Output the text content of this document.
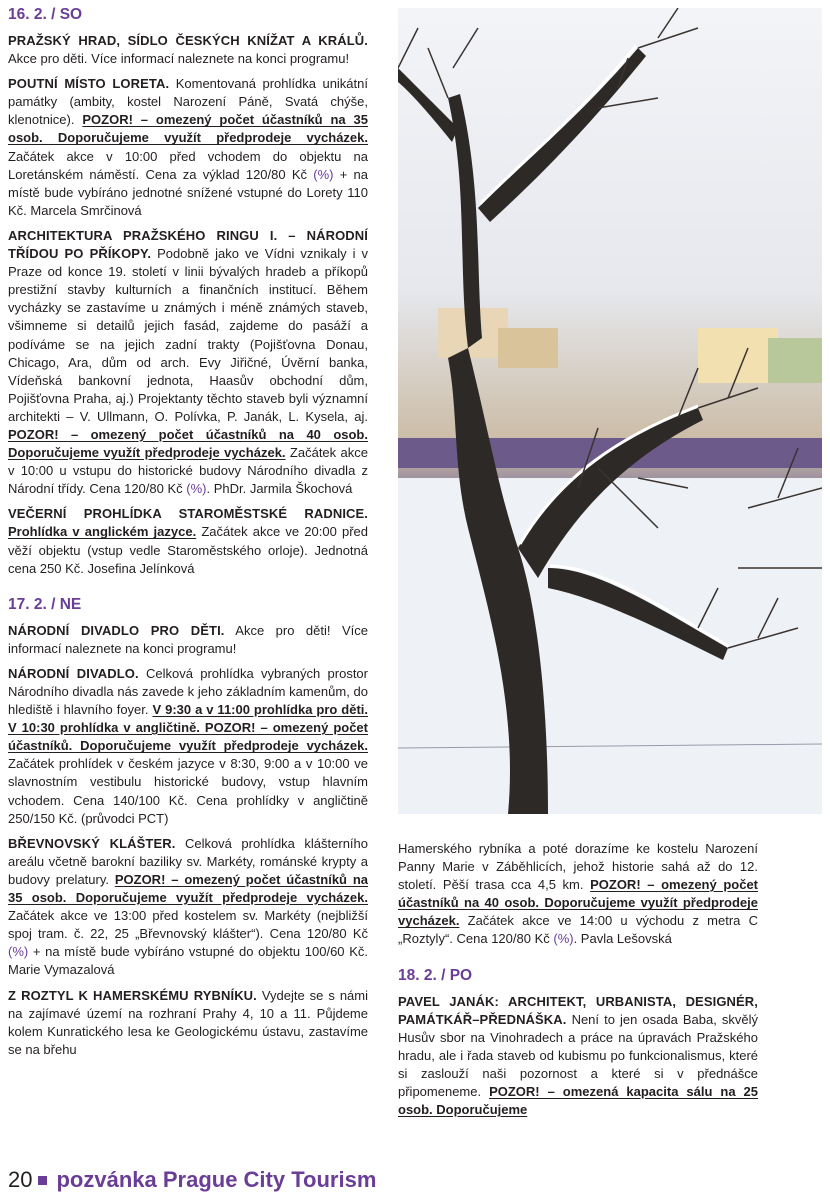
16. 2. / SO

PRAŽSKÝ HRAD, SÍDLO ČESKÝCH KNÍŽAT A KRÁLŮ. Akce pro děti. Více informací naleznete na konci programu!

POUTNÍ MÍSTO LORETA. Komentovaná prohlídka unikátní památky (ambity, kostel Narození Páně, Svatá chýše, klenotnice). POZOR! – omezený počet účastníků na 35 osob. Doporučujeme využít předprodeje vycházek. Začátek akce v 10:00 před vchodem do objektu na Loretánském náměstí. Cena za výklad 120/80 Kč (%) + na místě bude vybíráno jednotné snížené vstupné do Lorety 110 Kč. Marcela Smrčinová

ARCHITEKTURA PRAŽSKÉHO RINGU I. – NÁRODNÍ TŘÍDOU PO PŘÍKOPY. Podobně jako ve Vídni vznikaly i v Praze od konce 19. století v linii bývalých hradeb a příkopů prestižní stavby kulturních a finančních institucí. Během vycházky se zastavíme u známých i méně známých staveb, všimneme si detailů jejich fasád, zajdeme do pasáží a podíváme se na jejich zadní trakty (Pojišťovna Donau, Chicago, Ara, dům od arch. Evy Jiřičné, Úvěrní banka, Vídeňská bankovní jednota, Haasův obchodní dům, Pojišťovna Praha, aj.) Projektanty těchto staveb byli významní architekti – V. Ullmann, O. Polívka, P. Janák, L. Kysela, aj. POZOR! – omezený počet účastníků na 40 osob. Doporučujeme využít předprodeje vycházek. Začátek akce v 10:00 u vstupu do historické budovy Národního divadla z Národní třídy. Cena 120/80 Kč (%). PhDr. Jarmila Škochová

VEČERNÍ PROHLÍDKA STAROMĚSTSKÉ RADNICE. Prohlídka v anglickém jazyce. Začátek akce ve 20:00 před věží objektu (vstup vedle Staroměstského orloje). Jednotná cena 250 Kč. Josefina Jelínková

17. 2. / NE

NÁRODNÍ DIVADLO PRO DĚTI. Akce pro děti! Více informací naleznete na konci programu!

NÁRODNÍ DIVADLO. Celková prohlídka vybraných prostor Národního divadla nás zavede k jeho základním kamenům, do hlediště i hlavního foyer. V 9:30 a v 11:00 prohlídka pro děti. V 10:30 prohlídka v angličtině. POZOR! – omezený počet účastníků. Doporučujeme využít předprodeje vycházek. Začátek prohlídek v českém jazyce v 8:30, 9:00 a v 10:00 ve slavnostním vestibulu historické budovy, vstup hlavním vchodem. Cena 140/100 Kč. Cena prohlídky v angličtině 250/150 Kč. (průvodci PCT)

BŘEVNOVSKÝ KLÁŠTER. Celková prohlídka klášterního areálu včetně barokní baziliky sv. Markéty, románské krypty a budovy prelatury. POZOR! – omezený počet účastníků na 35 osob. Doporučujeme využít předprodeje vycházek. Začátek akce ve 13:00 před kostelem sv. Markéty (nejbližší spoj tram. č. 22, 25 „Břevnovský klášter“). Cena 120/80 Kč (%) + na místě bude vybíráno vstupné do objektu 100/60 Kč. Marie Vymazalová

Z ROZTYL K HAMERSKÉMU RYBNÍKU. Vydejte se s námi na zajímavé území na rozhraní Prahy 4, 10 a 11. Půjdeme kolem Kunratického lesa ke Geologickému ústavu, zastavíme se na břehu

Hamerského rybníka a poté dorazíme ke kostelu Narození Panny Marie v Záběhlicích, jehož historie sahá až do 12. století. Pěší trasa cca 4,5 km. POZOR! – omezený počet účastníků na 40 osob. Doporučujeme využít předprodeje vycházek. Začátek akce ve 14:00 u východu z metra C „Roztyly“. Cena 120/80 Kč (%). Pavla Lešovská

18. 2. / PO

PAVEL JANÁK: ARCHITEKT, URBANISTA, DESIGNÉR, PAMÁTKÁŘ–PŘEDNÁŠKA. Není to jen osada Baba, skvělý Husův sbor na Vinohradech a práce na úpravách Pražského hradu, ale i řada staveb od kubismu po funkcionalismus, které si zaslouží naši pozornost a které si v přednášce připomeneme. POZOR! – omezená kapacita sálu na 25 osob. Doporučujeme

20 pozvánka Prague City Tourism
